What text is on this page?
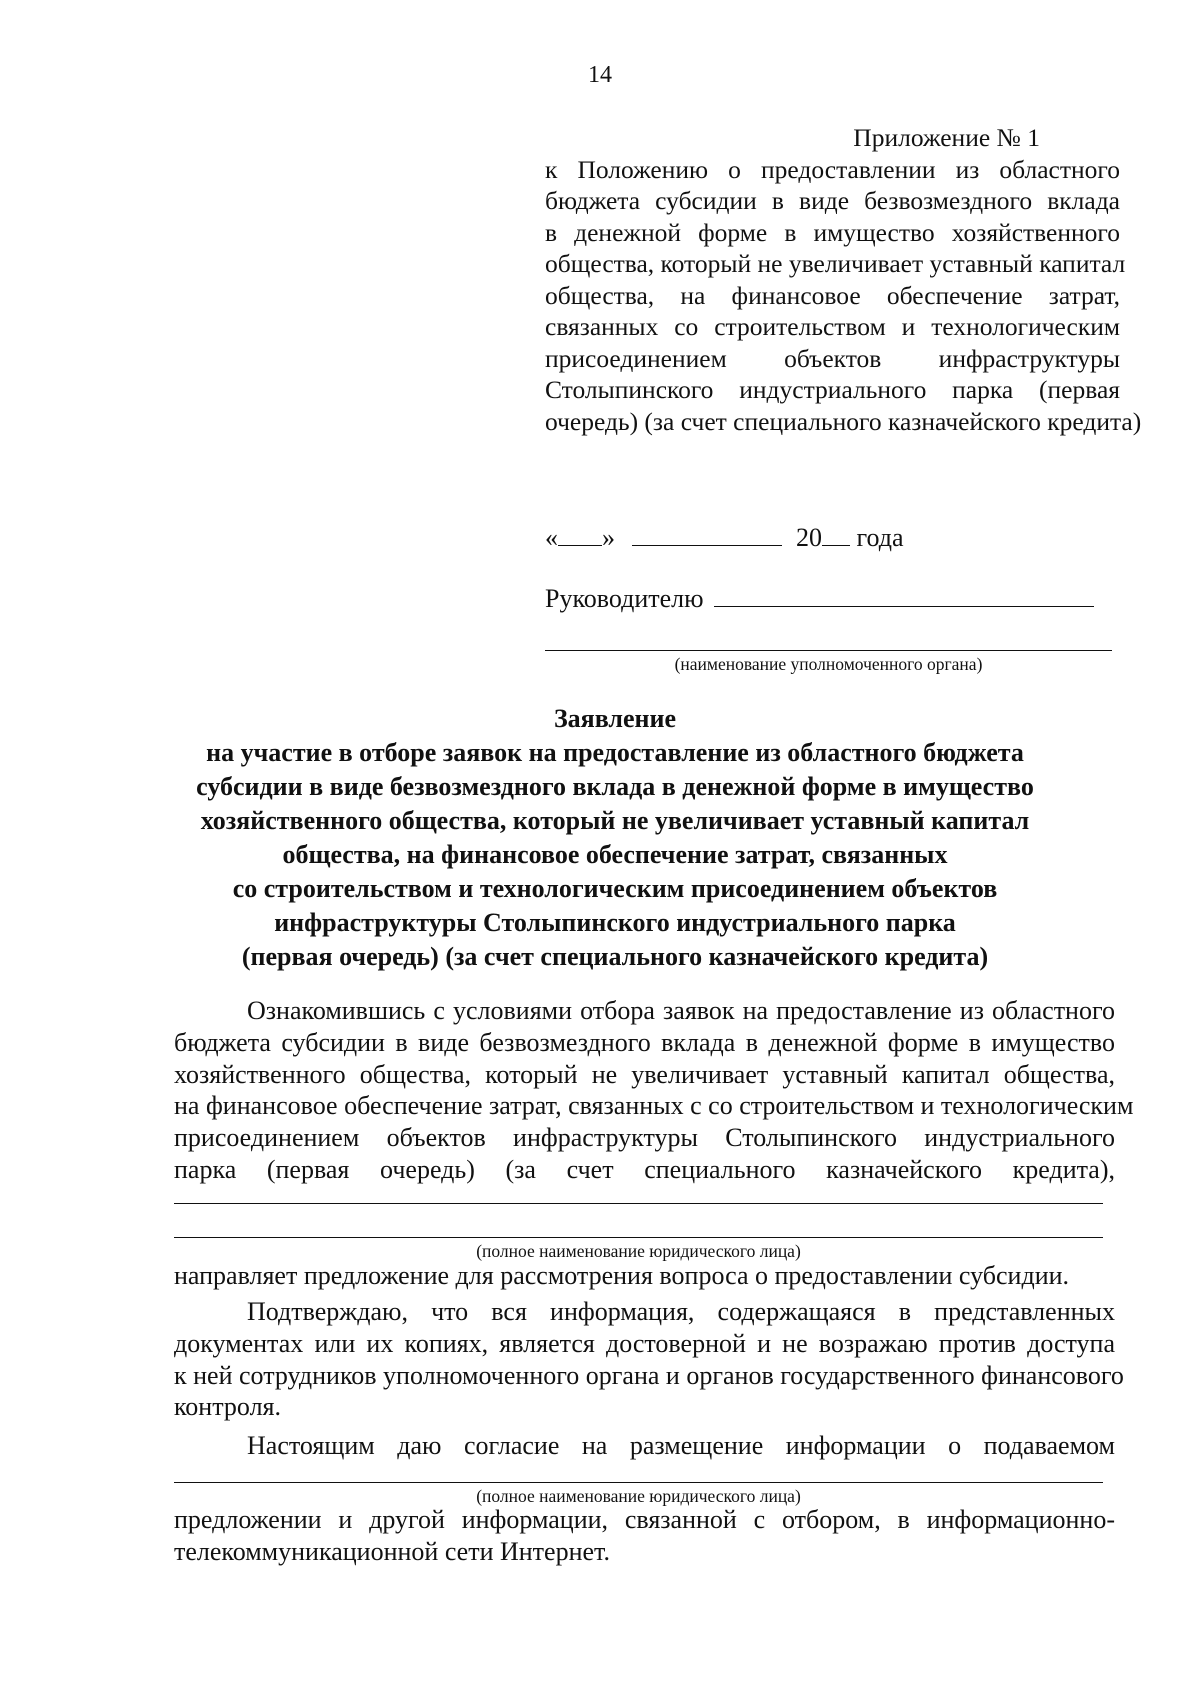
14
Приложение № 1
к Положению о предоставлении из областного
бюджета субсидии в виде безвозмездного вклада
в денежной форме в имущество хозяйственного
общества, который не увеличивает уставный капитал
общества, на финансовое обеспечение затрат,
связанных со строительством и технологическим
присоединением объектов инфраструктуры
Столыпинского индустриального парка (первая
очередь) (за счет специального казначейского кредита)
« »	20 года
Руководителю
(наименование уполномоченного органа)
Заявление
на участие в отборе заявок на предоставление из областного бюджета
субсидии в виде безвозмездного вклада в денежной форме в имущество
хозяйственного общества, который не увеличивает уставный капитал
общества, на финансовое обеспечение затрат, связанных
со строительством и технологическим присоединением объектов
инфраструктуры Столыпинского индустриального парка
(первая очередь) (за счет специального казначейского кредита)
Ознакомившись с условиями отбора заявок на предоставление из областного
бюджета субсидии в виде безвозмездного вклада в денежной форме в имущество
хозяйственного общества, который не увеличивает уставный капитал общества,
на финансовое обеспечение затрат, связанных с со строительством и технологическим
присоединением объектов инфраструктуры Столыпинского индустриального
парка (первая очередь) (за счет специального казначейского кредита),
(полное наименование юридического лица)
направляет предложение для рассмотрения вопроса о предоставлении субсидии.
Подтверждаю, что вся информация, содержащаяся в представленных
документах или их копиях, является достоверной и не возражаю против доступа
к ней сотрудников уполномоченного органа и органов государственного финансового
контроля.
Настоящим даю согласие на размещение информации о подаваемом
(полное наименование юридического лица)
предложении и другой информации, связанной с отбором, в информационно-
телекоммуникационной сети Интернет.
